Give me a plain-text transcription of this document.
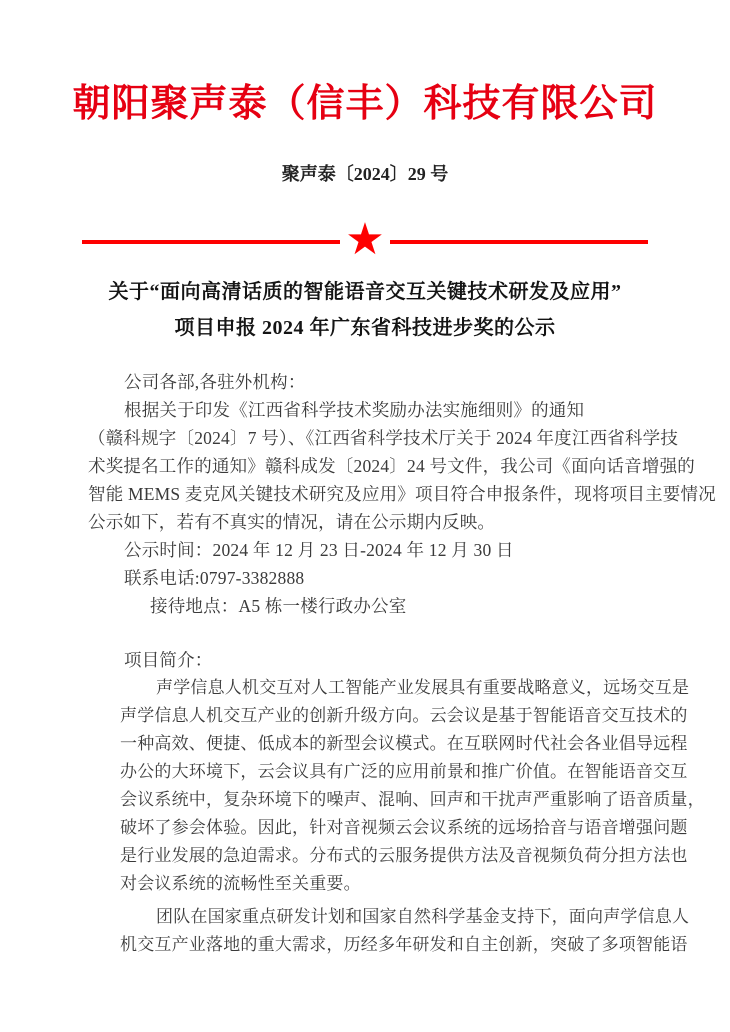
朝阳聚声泰（信丰）科技有限公司
聚声泰〔2024〕29 号
★
关于“面向高清话质的智能语音交互关键技术研发及应用”
项目申报 2024 年广东省科技进步奖的公示
公司各部,各驻外机构：
根据关于印发《江西省科学技术奖励办法实施细则》的通知
（赣科规字〔2024〕7 号）、《江西省科学技术厅关于 2024 年度江西省科学技
术奖提名工作的通知》赣科成发〔2024〕24 号文件，我公司《面向话音增强的
智能 MEMS 麦克风关键技术研究及应用》项目符合申报条件，现将项目主要情况
公示如下，若有不真实的情况，请在公示期内反映。
公示时间：2024 年 12 月 23 日-2024 年 12 月 30 日
联系电话:0797-3382888
接待地点：A5 栋一楼行政办公室
项目简介：
声学信息人机交互对人工智能产业发展具有重要战略意义，远场交互是
声学信息人机交互产业的创新升级方向。云会议是基于智能语音交互技术的
一种高效、便捷、低成本的新型会议模式。在互联网时代社会各业倡导远程
办公的大环境下，云会议具有广泛的应用前景和推广价值。在智能语音交互
会议系统中，复杂环境下的噪声、混响、回声和干扰声严重影响了语音质量，
破坏了参会体验。因此，针对音视频云会议系统的远场拾音与语音增强问题
是行业发展的急迫需求。分布式的云服务提供方法及音视频负荷分担方法也
对会议系统的流畅性至关重要。
团队在国家重点研发计划和国家自然科学基金支持下，面向声学信息人
机交互产业落地的重大需求，历经多年研发和自主创新，突破了多项智能语
